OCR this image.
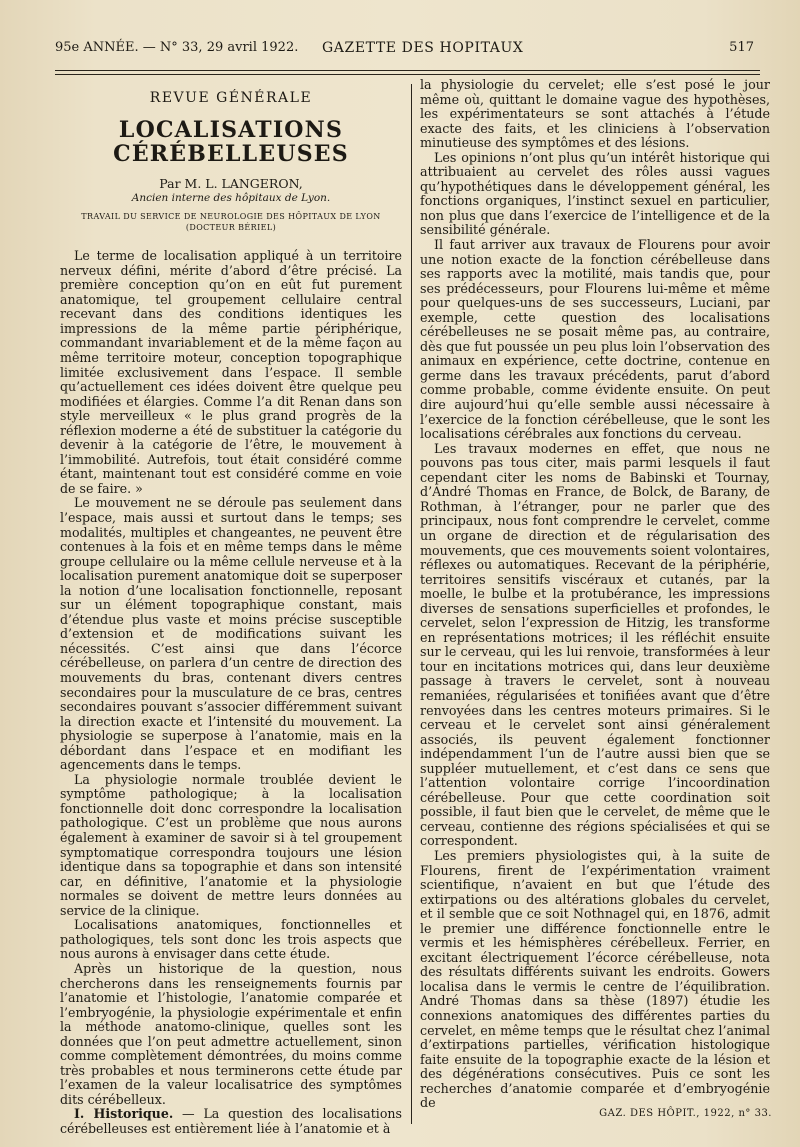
95e ANNÉE. — N° 33, 29 avril 1922. GAZETTE DES HOPITAUX	517
REVUE GÉNÉRALE
LOCALISATIONS CÉRÉBELLEUSES
Par M. L. LANGERON,
Ancien interne des hôpitaux de Lyon.
TRAVAIL DU SERVICE DE NEUROLOGIE DES HÔPITAUX DE LYON
(DOCTEUR BÉRIEL)

Le terme de localisation appliqué à un territoire nerveux défini, mérite d’abord d’être précisé. La première conception qu’on en eût fut purement anatomique, tel groupement cellulaire central recevant dans des conditions identiques les impressions de la même partie périphérique, commandant invariablement et de la même façon au même territoire moteur, conception topographique limitée exclusivement dans l’espace. Il semble qu’actuellement ces idées doivent être quelque peu modifiées et élargies. Comme l’a dit Renan dans son style merveilleux « le plus grand progrès de la réflexion moderne a été de substituer la catégorie du devenir à la catégorie de l’être, le mouvement à l’immobilité. Autrefois, tout était considéré comme étant, maintenant tout est considéré comme en voie de se faire. »

Le mouvement ne se déroule pas seulement dans l’espace, mais aussi et surtout dans le temps; ses modalités, multiples et changeantes, ne peuvent être contenues à la fois et en même temps dans le même groupe cellulaire ou la même cellule nerveuse et à la localisation purement anatomique doit se superposer la notion d’une localisation fonctionnelle, reposant sur un élément topographique constant, mais d’étendue plus vaste et moins précise susceptible d’extension et de modifications suivant les nécessités. C’est ainsi que dans l’écorce cérébelleuse, on parlera d’un centre de direction des mouvements du bras, contenant divers centres secondaires pour la musculature de ce bras, centres secondaires pouvant s’associer différemment suivant la direction exacte et l’intensité du mouvement. La physiologie se superpose à l’anatomie, mais en la débordant dans l’espace et en modifiant les agencements dans le temps.

La physiologie normale troublée devient le symptôme pathologique; à la localisation fonctionnelle doit donc correspondre la localisation pathologique. C’est un problème que nous aurons également à examiner de savoir si à tel groupement symptomatique correspondra toujours une lésion identique dans sa topographie et dans son intensité car, en définitive, l’anatomie et la physiologie normales se doivent de mettre leurs données au service de la clinique.

Localisations anatomiques, fonctionnelles et pathologiques, tels sont donc les trois aspects que nous aurons à envisager dans cette étude.

Après un historique de la question, nous chercherons dans les renseignements fournis par l’anatomie et l’histologie, l’anatomie comparée et l’embryogénie, la physiologie expérimentale et enfin la méthode anatomo-clinique, quelles sont les données que l’on peut admettre actuellement, sinon comme complètement démontrées, du moins comme très probables et nous terminerons cette étude par l’examen de la valeur localisatrice des symptômes dits cérébelleux.

I. Historique. — La question des localisations cérébelleuses est entièrement liée à l’anatomie et à

la physiologie du cervelet; elle s’est posé le jour même où, quittant le domaine vague des hypothèses, les expérimentateurs se sont attachés à l’étude exacte des faits, et les cliniciens à l’observation minutieuse des symptômes et des lésions.

Les opinions n’ont plus qu’un intérêt historique qui attribuaient au cervelet des rôles aussi vagues qu’hypothétiques dans le développement général, les fonctions organiques, l’instinct sexuel en particulier, non plus que dans l’exercice de l’intelligence et de la sensibilité générale.

Il faut arriver aux travaux de Flourens pour avoir une notion exacte de la fonction cérébelleuse dans ses rapports avec la motilité, mais tandis que, pour ses prédécesseurs, pour Flourens lui-même et même pour quelques-uns de ses successeurs, Luciani, par exemple, cette question des localisations cérébelleuses ne se posait même pas, au contraire, dès que fut poussée un peu plus loin l’observation des animaux en expérience, cette doctrine, contenue en germe dans les travaux précédents, parut d’abord comme probable, comme évidente ensuite. On peut dire aujourd’hui qu’elle semble aussi nécessaire à l’exercice de la fonction cérébelleuse, que le sont les localisations cérébrales aux fonctions du cerveau.

Les travaux modernes en effet, que nous ne pouvons pas tous citer, mais parmi lesquels il faut cependant citer les noms de Babinski et Tournay, d’André Thomas en France, de Bolck, de Barany, de Rothman, à l’étranger, pour ne parler que des principaux, nous font comprendre le cervelet, comme un organe de direction et de régularisation des mouvements, que ces mouvements soient volontaires, réflexes ou automatiques. Recevant de la périphérie, territoires sensitifs viscéraux et cutanés, par la moelle, le bulbe et la protubérance, les impressions diverses de sensations superficielles et profondes, le cervelet, selon l’expression de Hitzig, les transforme en représentations motrices; il les réfléchit ensuite sur le cerveau, qui les lui renvoie, transformées à leur tour en incitations motrices qui, dans leur deuxième passage à travers le cervelet, sont à nouveau remaniées, régularisées et tonifiées avant que d’être renvoyées dans les centres moteurs primaires. Si le cerveau et le cervelet sont ainsi généralement associés, ils peuvent également fonctionner indépendamment l’un de l’autre aussi bien que se suppléer mutuellement, et c’est dans ce sens que l’attention volontaire corrige l’incoordination cérébelleuse. Pour que cette coordination soit possible, il faut bien que le cervelet, de même que le cerveau, contienne des régions spécialisées et qui se correspondent.

Les premiers physiologistes qui, à la suite de Flourens, firent de l’expérimentation vraiment scientifique, n’avaient en but que l’étude des extirpations ou des altérations globales du cervelet, et il semble que ce soit Nothnagel qui, en 1876, admit le premier une différence fonctionnelle entre le vermis et les hémisphères cérébelleux. Ferrier, en excitant électriquement l’écorce cérébelleuse, nota des résultats différents suivant les endroits. Gowers localisa dans le vermis le centre de l’équilibration. André Thomas dans sa thèse (1897) étudie les connexions anatomiques des différentes parties du cervelet, en même temps que le résultat chez l’animal d’extirpations partielles, vérification histologique faite ensuite de la topographie exacte de la lésion et des dégénérations consécutives. Puis ce sont les recherches d’anatomie comparée et d’embryogénie de

GAZ. DES HÔPIT., 1922, n° 33.
